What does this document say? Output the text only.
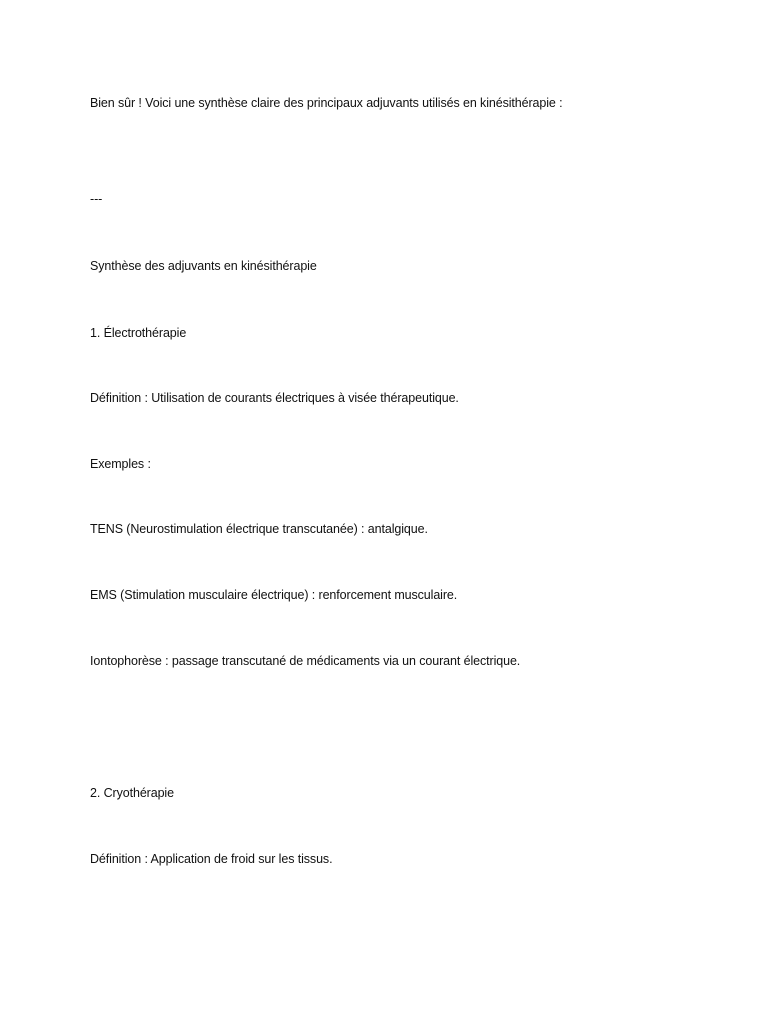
Bien sûr ! Voici une synthèse claire des principaux adjuvants utilisés en kinésithérapie :
---
Synthèse des adjuvants en kinésithérapie
1. Électrothérapie
Définition : Utilisation de courants électriques à visée thérapeutique.
Exemples :
TENS (Neurostimulation électrique transcutanée) : antalgique.
EMS (Stimulation musculaire électrique) : renforcement musculaire.
Iontophorèse : passage transcutané de médicaments via un courant électrique.
2. Cryothérapie
Définition : Application de froid sur les tissus.
